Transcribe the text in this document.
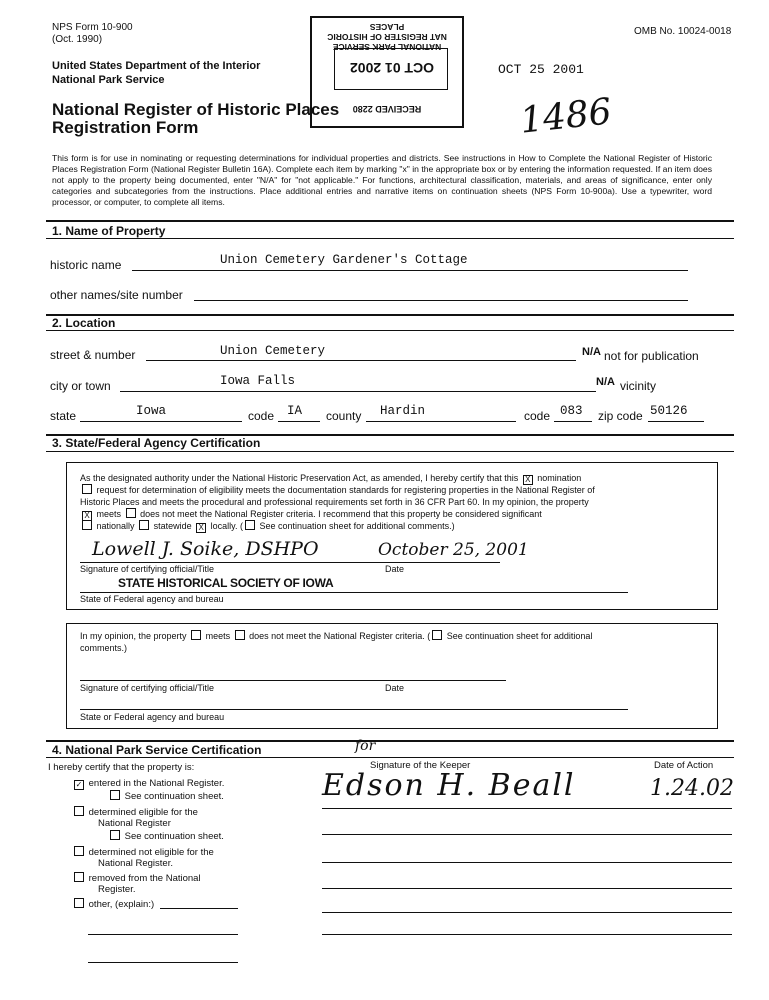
NPS Form 10-900
(Oct. 1990)
OMB No. 10024-0018
United States Department of the Interior
National Park Service
National Register of Historic Places
Registration Form
NATIONAL PARK SERVICE
NAT REGISTER OF HISTORIC PLACES
OCT 01 2002
RECEIVED 2280
OCT 25 2001
1486
This form is for use in nominating or requesting determinations for individual properties and districts. See instructions in How to Complete the National Register of Historic Places Registration Form (National Register Bulletin 16A). Complete each item by marking "x" in the appropriate box or by entering the information requested. If an item does not apply to the property being documented, enter "N/A" for "not applicable." For functions, architectural classification, materials, and areas of significance, enter only categories and subcategories from the instructions. Place additional entries and narrative items on continuation sheets (NPS Form 10-900a). Use a typewriter, word processor, or computer, to complete all items.
1. Name of Property
historic name	Union Cemetery Gardener's Cottage
other names/site number
2. Location
street & number	Union Cemetery	N/A not for publication
city or town	Iowa Falls	N/A vicinity
state	Iowa	code IA county Hardin	code 083 zip code 50126
3. State/Federal Agency Certification
As the designated authority under the National Historic Preservation Act, as amended, I hereby certify that this X nomination
request for determination of eligibility meets the documentation standards for registering properties in the National Register of
Historic Places and meets the procedural and professional requirements set forth in 36 CFR Part 60. In my opinion, the property
X meets does not meet the National Register criteria. I recommend that this property be considered significant
nationally statewide X locally. ( See continuation sheet for additional comments.)
Lowell J. Soike, DSHPO	October 25, 2001
Signature of certifying official/Title	Date
STATE HISTORICAL SOCIETY OF IOWA
State of Federal agency and bureau
In my opinion, the property meets does not meet the National Register criteria. ( See continuation sheet for additional
comments.)
Signature of certifying official/Title	Date
State or Federal agency and bureau
4. National Park Service Certification
I hereby certify that the property is:
✓ entered in the National Register.
See continuation sheet.
determined eligible for the
National Register
See continuation sheet.
determined not eligible for the
National Register.
removed from the National
Register.
other, (explain:)
Signature of the Keeper	Date of Action
for
Edson H. Beall	1.24.02
